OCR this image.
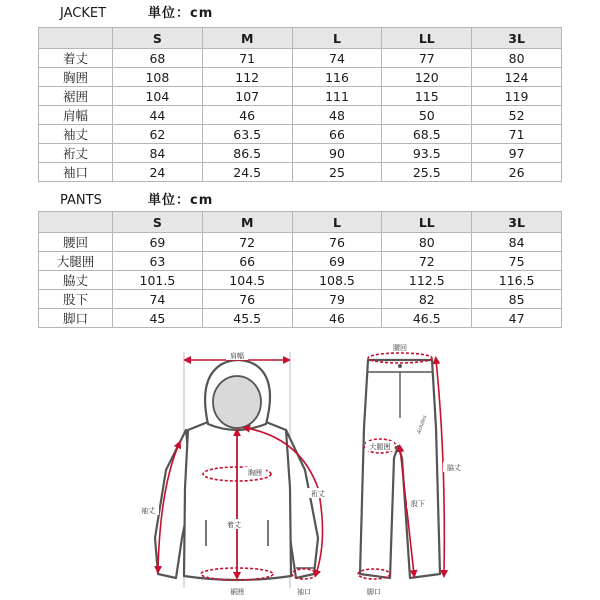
JACKET	単位：cm
	S	M	L	LL	3L
着丈	68	71	74	77	80
胸囲	108	112	116	120	124
裾囲	104	107	111	115	119
肩幅	44	46	48	50	52
袖丈	62	63.5	66	68.5	71
裄丈	84	86.5	90	93.5	97
袖口	24	24.5	25	25.5	26
PANTS	単位：cm
	S	M	L	LL	3L
腰回	69	72	76	80	84
大腿囲	63	66	69	72	75
脇丈	101.5	104.5	108.5	112.5	116.5
股下	74	76	79	82	85
脚口	45	45.5	46	46.5	47
肩幅
胸囲
着丈
袖丈
裄丈
裾囲	袖口
Achilles
腰回
大腿囲
股下
脇丈
脚口
